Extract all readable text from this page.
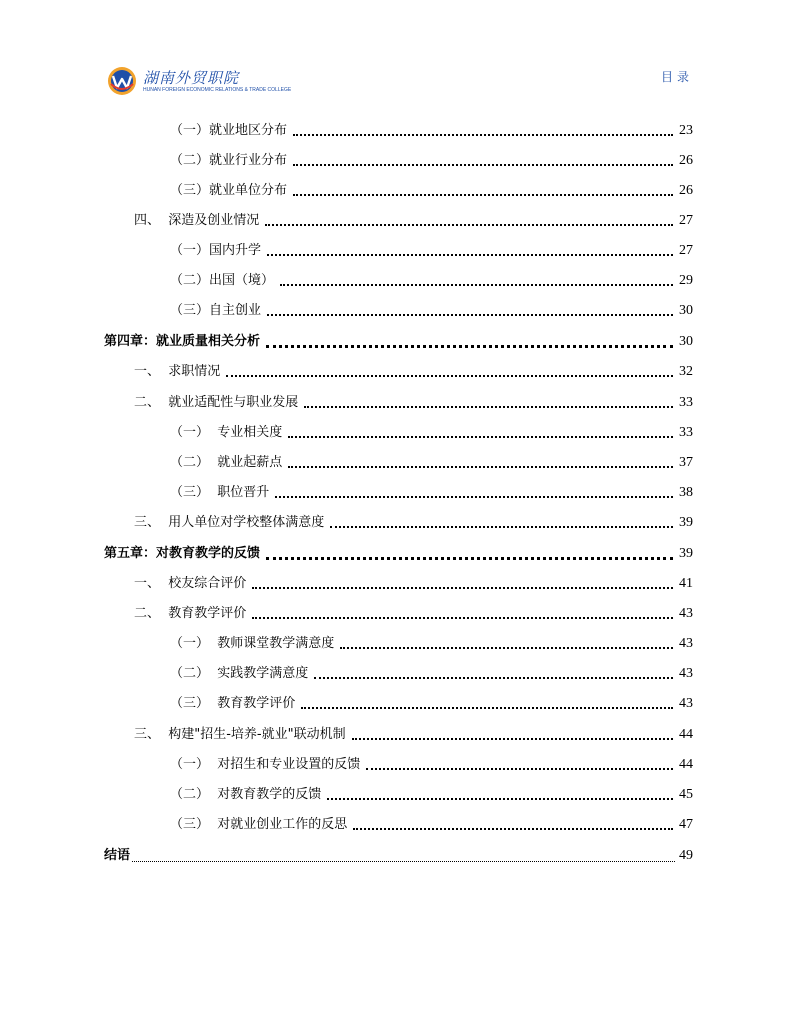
湖南外贸职院
HUNAN FOREIGN ECONOMIC RELATIONS & TRADE COLLEGE
目录
（一）就业地区分布	23
（二）就业行业分布	26
（三）就业单位分布	26
四、  深造及创业情况	27
（一）国内升学	27
（二）出国（境）	29
（三）自主创业	30
第四章：就业质量相关分析	30
一、  求职情况	32
二、  就业适配性与职业发展	33
（一）  专业相关度	33
（二）  就业起薪点	37
（三）  职位晋升	38
三、  用人单位对学校整体满意度	39
第五章：对教育教学的反馈	39
一、  校友综合评价	41
二、  教育教学评价	43
（一）  教师课堂教学满意度	43
（二）  实践教学满意度	43
（三）  教育教学评价	43
三、  构建"招生-培养-就业"联动机制	44
（一）  对招生和专业设置的反馈	44
（二）  对教育教学的反馈	45
（三）  对就业创业工作的反思	47
结语	49
